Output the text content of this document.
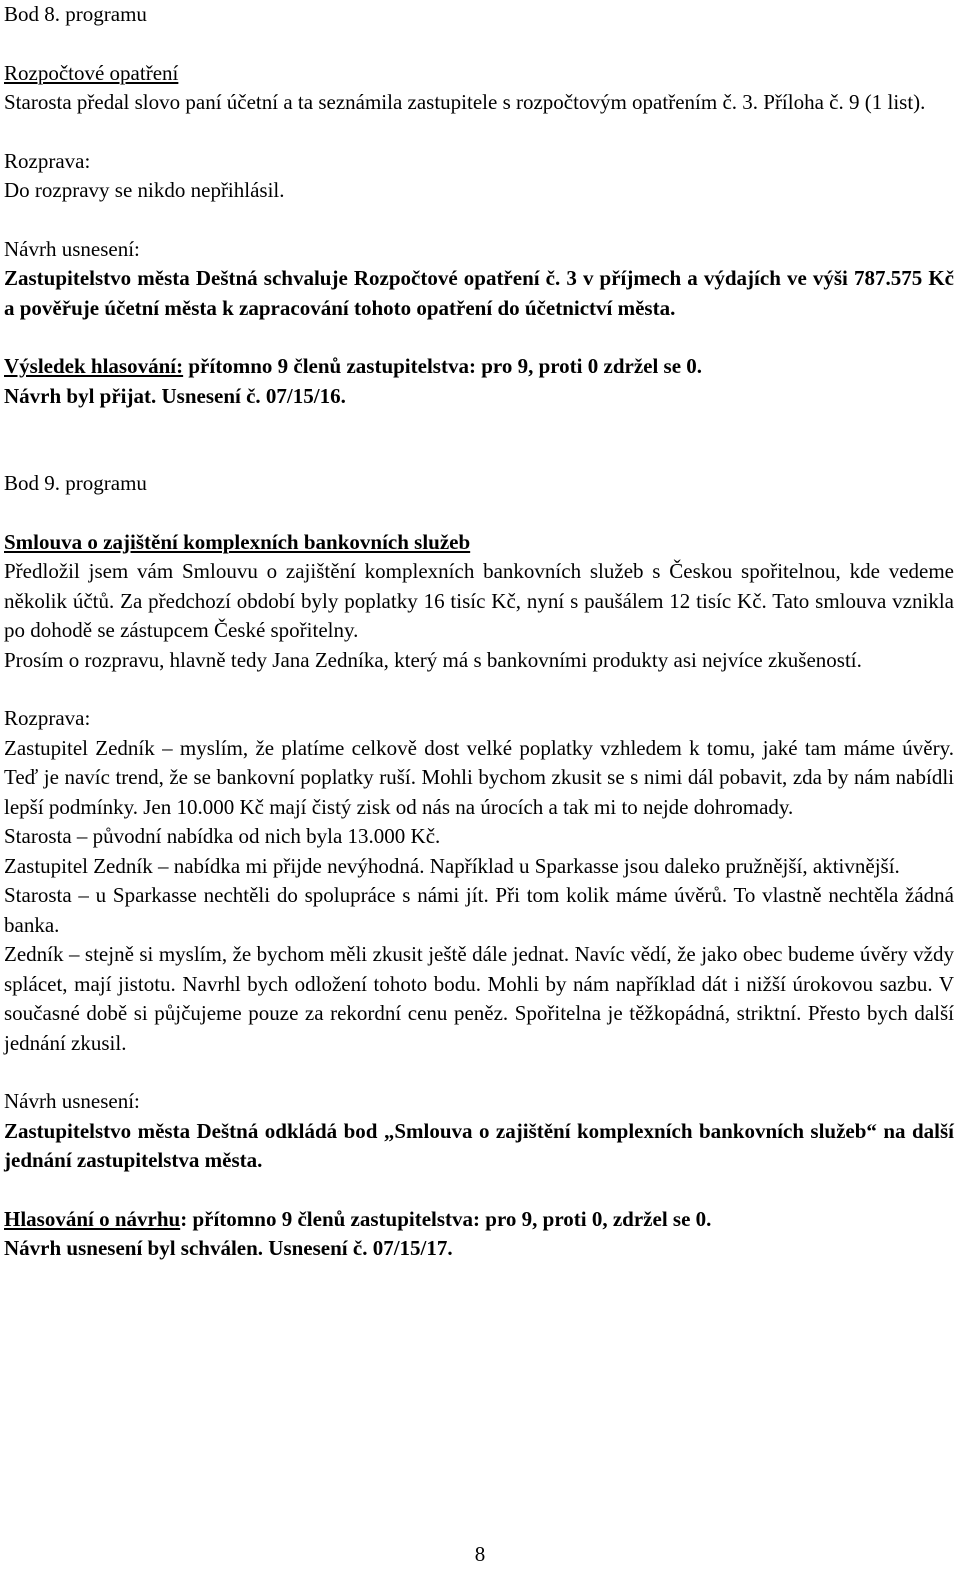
Bod 8. programu

Rozpočtové opatření

Starosta předal slovo paní účetní a ta seznámila zastupitele s rozpočtovým opatřením č. 3. Příloha č. 9 (1 list).

Rozprava:

Do rozpravy se nikdo nepřihlásil.

Návrh usnesení:

Zastupitelstvo města Deštná schvaluje Rozpočtové opatření č. 3 v příjmech a výdajích ve výši 787.575 Kč a pověřuje účetní města k zapracování tohoto opatření do účetnictví města.

Výsledek hlasování: přítomno 9 členů zastupitelstva: pro 9, proti 0 zdržel se 0.

Návrh byl přijat. Usnesení č. 07/15/16.

Bod 9. programu

Smlouva o zajištění komplexních bankovních služeb

Předložil jsem vám Smlouvu o zajištění komplexních bankovních služeb s Českou spořitelnou, kde vedeme několik účtů. Za předchozí období byly poplatky 16 tisíc Kč, nyní s paušálem 12 tisíc Kč. Tato smlouva vznikla po dohodě se zástupcem České spořitelny.

Prosím o rozpravu, hlavně tedy Jana Zedníka, který má s bankovními produkty asi nejvíce zkušeností.

Rozprava:

Zastupitel Zedník – myslím, že platíme celkově dost velké poplatky vzhledem k tomu, jaké tam máme úvěry. Teď je navíc trend, že se bankovní poplatky ruší. Mohli bychom zkusit se s nimi dál pobavit, zda by nám nabídli lepší podmínky. Jen 10.000 Kč mají čistý zisk od nás na úrocích a tak mi to nejde dohromady.

Starosta – původní nabídka od nich byla 13.000 Kč.

Zastupitel Zedník – nabídka mi přijde nevýhodná. Například u Sparkasse jsou daleko pružnější, aktivnější.

Starosta – u Sparkasse nechtěli do spolupráce s námi jít. Při tom kolik máme úvěrů. To vlastně nechtěla žádná banka.

Zedník – stejně si myslím, že bychom měli zkusit ještě dále jednat. Navíc vědí, že jako obec budeme úvěry vždy splácet, mají jistotu. Navrhl bych odložení tohoto bodu. Mohli by nám například dát i nižší úrokovou sazbu. V současné době si půjčujeme pouze za rekordní cenu peněz. Spořitelna je těžkopádná, striktní. Přesto bych další jednání zkusil.

Návrh usnesení:

Zastupitelstvo města Deštná odkládá bod „Smlouva o zajištění komplexních bankovních služeb“ na další jednání zastupitelstva města.

Hlasování o návrhu: přítomno 9 členů zastupitelstva: pro 9, proti 0, zdržel se 0.

Návrh usnesení byl schválen. Usnesení č. 07/15/17.

8
